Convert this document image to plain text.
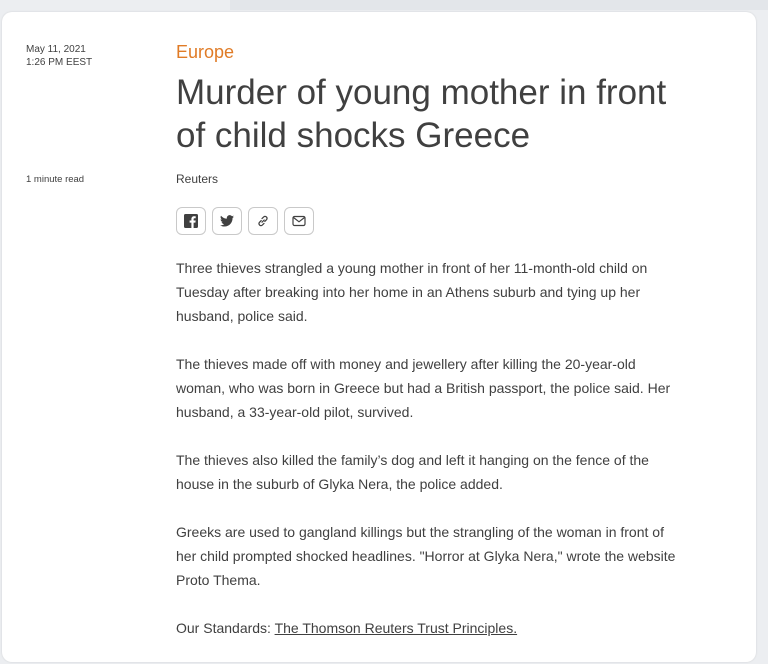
May 11, 2021
1:26 PM EEST
1 minute read
Europe
Murder of young mother in front of child shocks Greece
Reuters

Three thieves strangled a young mother in front of her 11-month-old child on Tuesday after breaking into her home in an Athens suburb and tying up her husband, police said.

The thieves made off with money and jewellery after killing the 20-year-old woman, who was born in Greece but had a British passport, the police said. Her husband, a 33-year-old pilot, survived.

The thieves also killed the family’s dog and left it hanging on the fence of the house in the suburb of Glyka Nera, the police added.

Greeks are used to gangland killings but the strangling of the woman in front of her child prompted shocked headlines. "Horror at Glyka Nera," wrote the website Proto Thema.

Our Standards: The Thomson Reuters Trust Principles.
